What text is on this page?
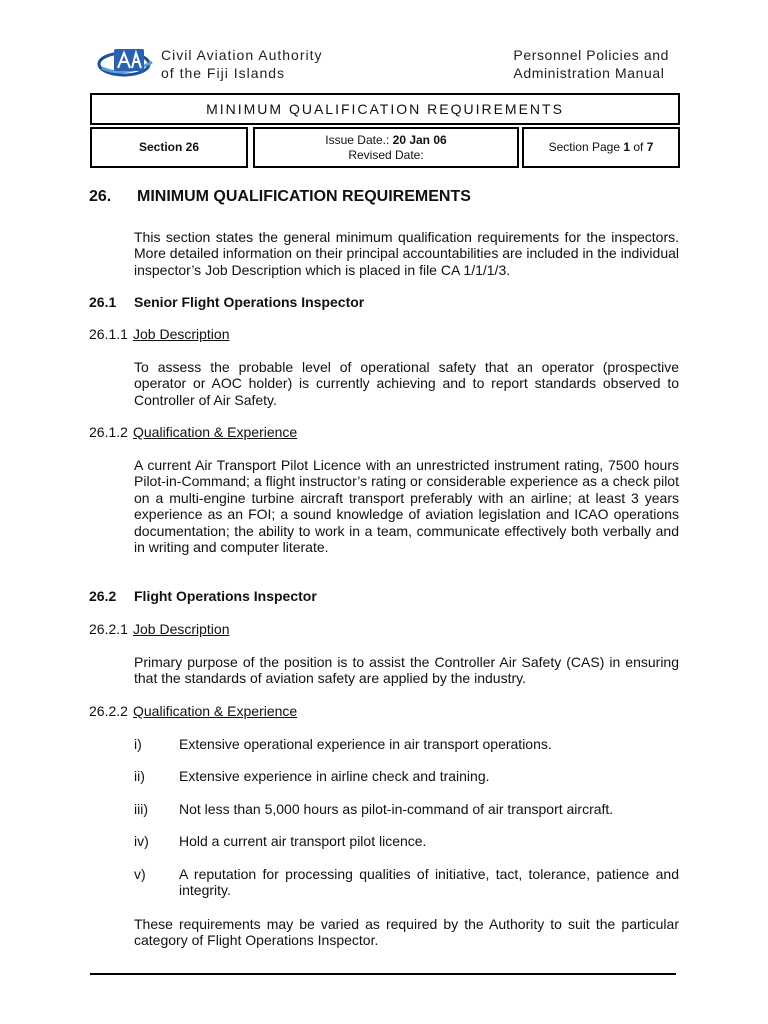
Civil Aviation Authority
of the Fiji Islands
Personnel Policies and
Administration Manual
MINIMUM QUALIFICATION REQUIREMENTS
Section 26
Issue Date.: 20 Jan 06
Revised Date:
Section Page 1 of 7
26. MINIMUM QUALIFICATION REQUIREMENTS
This section states the general minimum qualification requirements for the inspectors. More detailed information on their principal accountabilities are included in the individual inspector’s Job Description which is placed in file CA 1/1/1/3.
26.1 Senior Flight Operations Inspector
26.1.1 Job Description
To assess the probable level of operational safety that an operator (prospective operator or AOC holder) is currently achieving and to report standards observed to Controller of Air Safety.
26.1.2 Qualification & Experience
A current Air Transport Pilot Licence with an unrestricted instrument rating, 7500 hours Pilot-in-Command; a flight instructor’s rating or considerable experience as a check pilot on a multi-engine turbine aircraft transport preferably with an airline; at least 3 years experience as an FOI; a sound knowledge of aviation legislation and ICAO operations documentation; the ability to work in a team, communicate effectively both verbally and in writing and computer literate.
26.2 Flight Operations Inspector
26.2.1 Job Description
Primary purpose of the position is to assist the Controller Air Safety (CAS) in ensuring that the standards of aviation safety are applied by the industry.
26.2.2 Qualification & Experience
i)	Extensive operational experience in air transport operations.
ii) Extensive experience in airline check and training.
iii) Not less than 5,000 hours as pilot-in-command of air transport aircraft.
iv) Hold a current air transport pilot licence.
v) A reputation for processing qualities of initiative, tact, tolerance, patience and integrity.
These requirements may be varied as required by the Authority to suit the particular category of Flight Operations Inspector.
